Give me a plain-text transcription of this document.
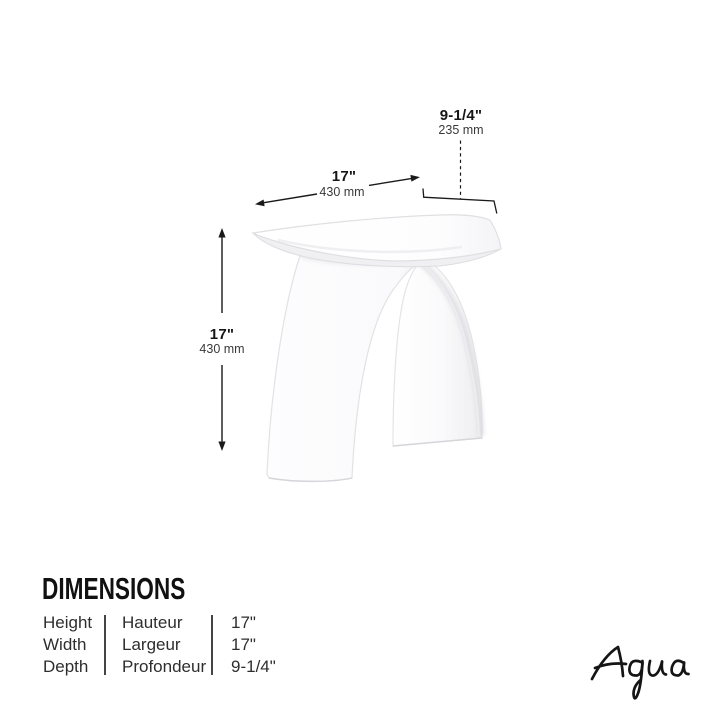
17"
430 mm
9-1/4"
235 mm
17"
430 mm
DIMENSIONS
Height
Width
Depth
Hauteur
Largeur
Profondeur
17"
17"
9-1/4"
